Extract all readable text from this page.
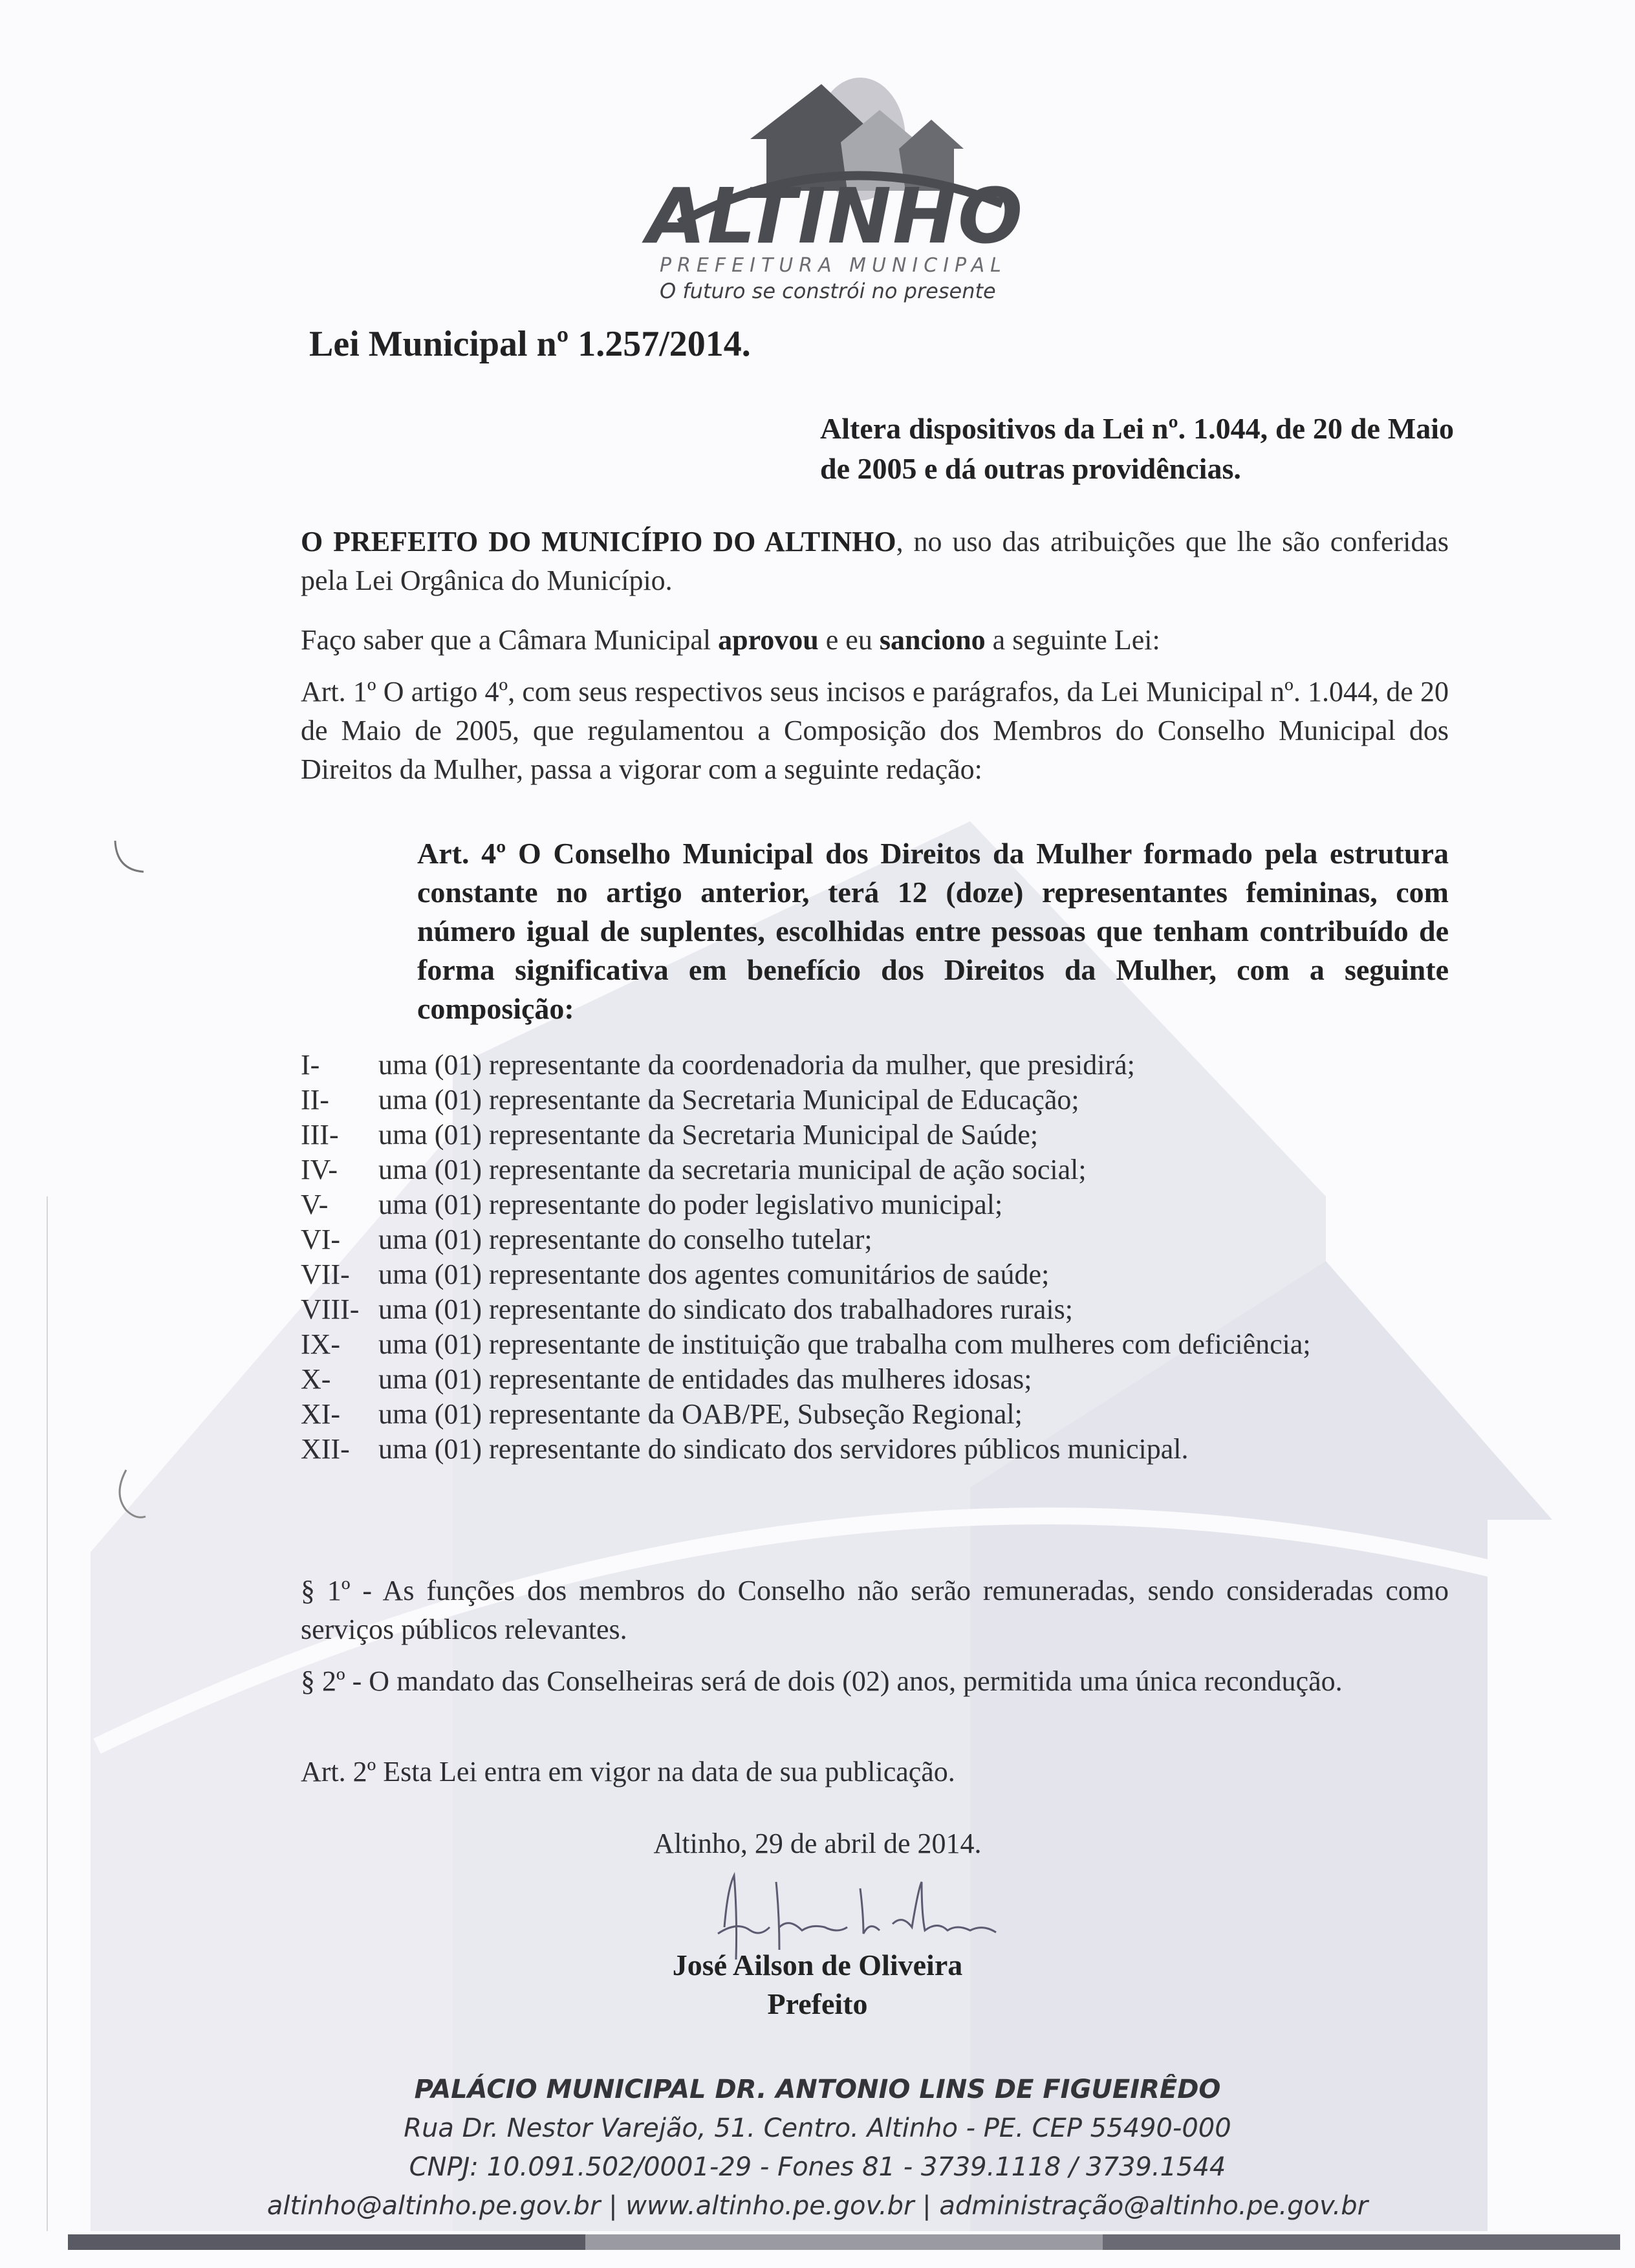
ALTINHO
PREFEITURA MUNICIPAL
O futuro se constrói no presente
Lei Municipal nº 1.257/2014.
Altera dispositivos da Lei nº. 1.044, de 20 de Maio de 2005 e dá outras providências.
O PREFEITO DO MUNICÍPIO DO ALTINHO, no uso das atribuições que lhe são conferidas pela Lei Orgânica do Município.
Faço saber que a Câmara Municipal aprovou e eu sanciono a seguinte Lei:
Art. 1º O artigo 4º, com seus respectivos seus incisos e parágrafos, da Lei Municipal nº. 1.044, de 20 de Maio de 2005, que regulamentou a Composição dos Membros do Conselho Municipal dos Direitos da Mulher, passa a vigorar com a seguinte redação:
Art. 4º O Conselho Municipal dos Direitos da Mulher formado pela estrutura constante no artigo anterior, terá 12 (doze) representantes femininas, com número igual de suplentes, escolhidas entre pessoas que tenham contribuído de forma significativa em benefício dos Direitos da Mulher, com a seguinte composição:
I-	uma (01) representante da coordenadoria da mulher, que presidirá;
II-	uma (01) representante da Secretaria Municipal de Educação;
III-	uma (01) representante da Secretaria Municipal de Saúde;
IV-	uma (01) representante da secretaria municipal de ação social;
V-	uma (01) representante do poder legislativo municipal;
VI-	uma (01) representante do conselho tutelar;
VII-	uma (01) representante dos agentes comunitários de saúde;
VIII- uma (01) representante do sindicato dos trabalhadores rurais;
IX-	uma (01) representante de instituição que trabalha com mulheres com deficiência;
X-	uma (01) representante de entidades das mulheres idosas;
XI-	uma (01) representante da OAB/PE, Subseção Regional;
XII-	uma (01) representante do sindicato dos servidores públicos municipal.
§ 1º - As funções dos membros do Conselho não serão remuneradas, sendo consideradas como serviços públicos relevantes.
§ 2º - O mandato das Conselheiras será de dois (02) anos, permitida uma única recondução.
Art. 2º Esta Lei entra em vigor na data de sua publicação.
Altinho, 29 de abril de 2014.
José Ailson de Oliveira
Prefeito
PALÁCIO MUNICIPAL DR. ANTONIO LINS DE FIGUEIRÊDO
Rua Dr. Nestor Varejão, 51. Centro. Altinho - PE. CEP 55490-000
CNPJ: 10.091.502/0001-29 - Fones 81 - 3739.1118 / 3739.1544
altinho@altinho.pe.gov.br | www.altinho.pe.gov.br | administração@altinho.pe.gov.br
